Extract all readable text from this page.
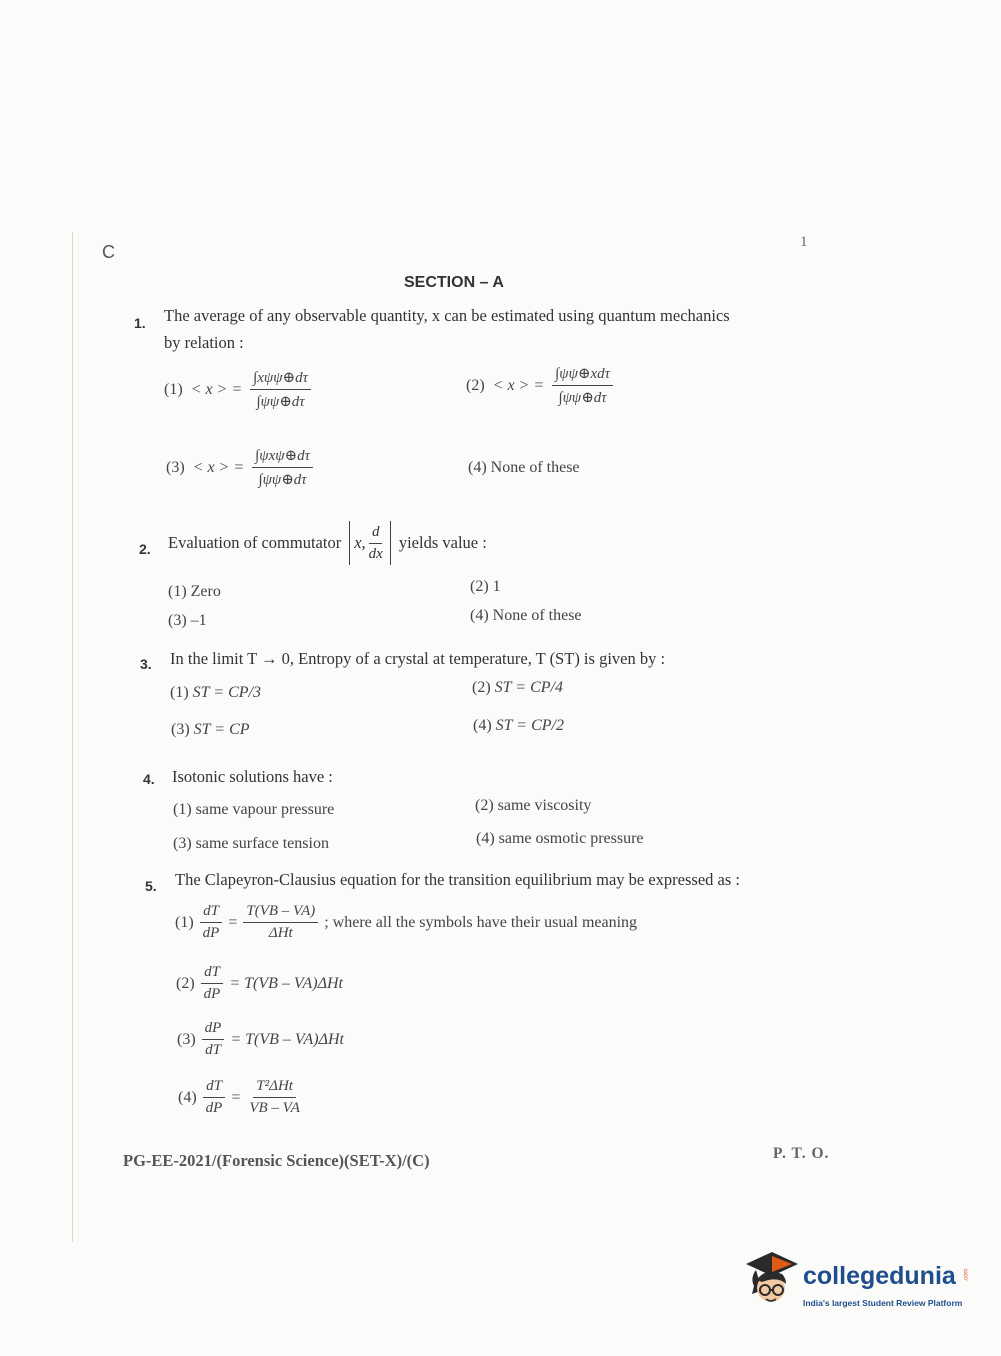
C	1
SECTION – A
1. The average of any observable quantity, x can be estimated using quantum mechanics
by relation :
(1) < x > = $\frac{\text{∫xψψ⊕dτ}}{\int\psi\psi\oplus d\tau}$	(2) < x > = $\frac{\text{∫ψψ⊕xdτ}}{\int\psi\psi\oplus d\tau}$
(3) < x > = $\frac{\text{∫ψxψ⊕dτ}}{\int\psi\psi\oplus d\tau}$	(4) None of these
2. Evaluation of commutator x, $\frac{d}{dx}$ yields value :
(1) Zero	(2) 1
(3) –1	(4) None of these
3. In the limit T → 0, Entropy of a crystal at temperature, T (ST) is given by :
(1) ST = CP/3	(2) ST = CP/4
(3) ST = CP	(4) ST = CP/2
4. Isotonic solutions have :
(1) same vapour pressure	(2) same viscosity
(3) same surface tension	(4) same osmotic pressure
5. The Clapeyron-Clausius equation for the transition equilibrium may be expressed as :
$(1) \frac{dT}{dP} = \frac{T(VB - VA)}{\text{ΔHt}}$ ; where all the symbols have their usual meaning
$(2) \frac{dT}{dP} = T(VB - VA)\Delta Ht$
$(3) \frac{dP}{dT} = T(VB - VA)\Delta Ht$
$(4) \frac{dT}{dP} = \frac{\text{T²ΔHt}}{VB - VA}$
PG-EE-2021/(Forensic Science)(SET-X)/(C)	P. T. O.
collegedunia .com
India's largest Student Review Platform
